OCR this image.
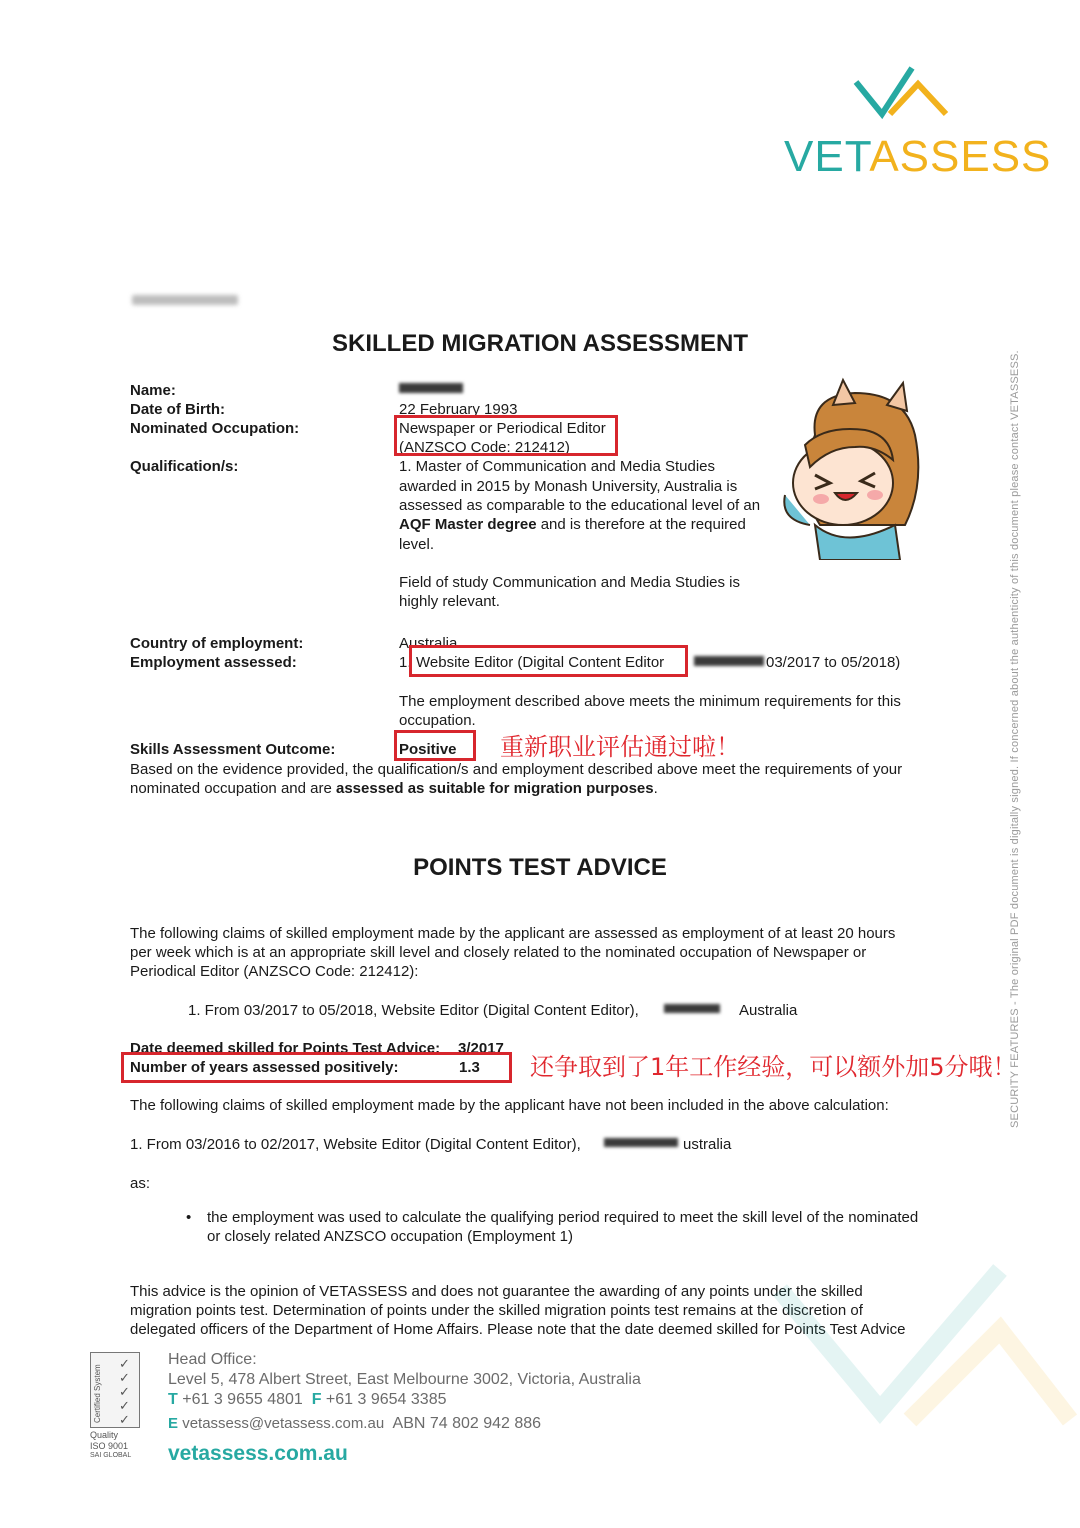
VETASSESS
SKILLED MIGRATION ASSESSMENT
Name:
Date of Birth:	22 February 1993
Nominated Occupation:	Newspaper or Periodical Editor
(ANZSCO Code: 212412)
Qualification/s:	1. Master of Communication and Media Studies
awarded in 2015 by Monash University, Australia is
assessed as comparable to the educational level of an
AQF Master degree and is therefore at the required
level.
Field of study Communication and Media Studies is
highly relevant.
Country of employment:	Australia
Employment assessed:	1. Website Editor (Digital Content Editor	03/2017 to 05/2018)
The employment described above meets the minimum requirements for this
occupation.
Skills Assessment Outcome:	Positive 重新职业评估通过啦！
Based on the evidence provided, the qualification/s and employment described above meet the requirements of your
nominated occupation and are assessed as suitable for migration purposes.
POINTS TEST ADVICE
The following claims of skilled employment made by the applicant are assessed as employment of at least 20 hours
per week which is at an appropriate skill level and closely related to the nominated occupation of Newspaper or
Periodical Editor (ANZSCO Code: 212412):
1. From 03/2017 to 05/2018, Website Editor (Digital Content Editor),	Australia
Date deemed skilled for Points Test Advice: 3/2017
Number of years assessed positively:	1.3 还争取到了1年工作经验，可以额外加5分哦！
The following claims of skilled employment made by the applicant have not been included in the above calculation:
1. From 03/2016 to 02/2017, Website Editor (Digital Content Editor),	ustralia
as:
• the employment was used to calculate the qualifying period required to meet the skill level of the nominated
or closely related ANZSCO occupation (Employment 1)
This advice is the opinion of VETASSESS and does not guarantee the awarding of any points under the skilled
migration points test. Determination of points under the skilled migration points test remains at the discretion of
delegated officers of the Department of Home Affairs. Please note that the date deemed skilled for Points Test Advice
Certified System
✓
✓
✓
✓
✓
Quality
ISO 9001
SAI GLOBAL
Head Office:
Level 5, 478 Albert Street, East Melbourne 3002, Victoria, Australia
T +61 3 9655 4801 F +61 3 9654 3385
E vetassess@vetassess.com.au ABN 74 802 942 886
vetassess.com.au
SECURITY FEATURES - The original PDF document is digitally signed. If concerned about the authenticity of this document please contact VETASSESS.
